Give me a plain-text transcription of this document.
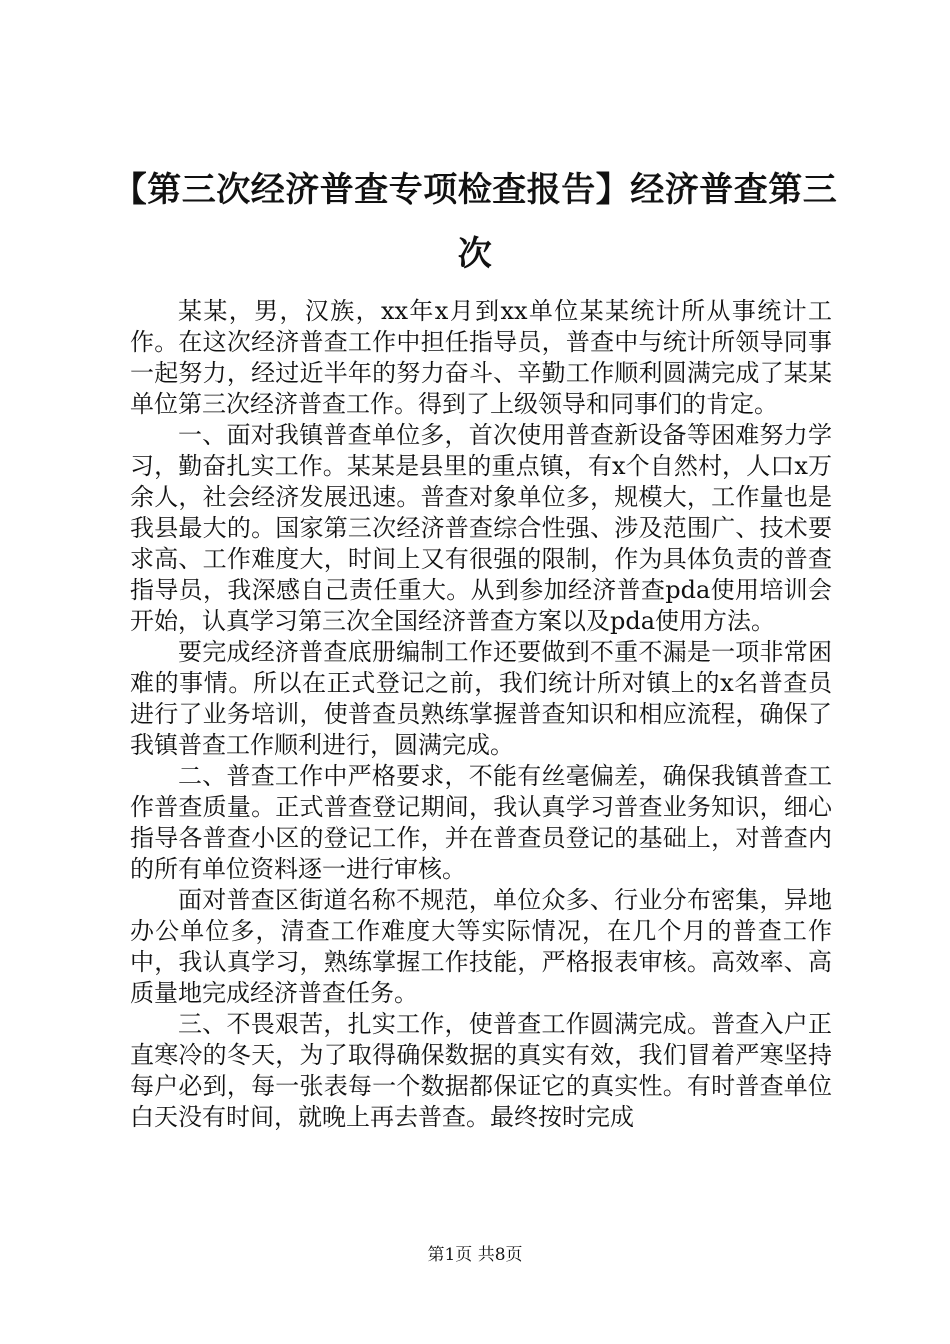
【第三次经济普查专项检查报告】经济普查第三次

某某，男，汉族，xx年x月到xx单位某某统计所从事统计工作。在这次经济普查工作中担任指导员，普查中与统计所领导同事一起努力，经过近半年的努力奋斗、辛勤工作顺利圆满完成了某某单位第三次经济普查工作。得到了上级领导和同事们的肯定。

一、面对我镇普查单位多，首次使用普查新设备等困难努力学习，勤奋扎实工作。某某是县里的重点镇，有x个自然村，人口x万余人，社会经济发展迅速。普查对象单位多，规模大，工作量也是我县最大的。国家第三次经济普查综合性强、涉及范围广、技术要求高、工作难度大，时间上又有很强的限制，作为具体负责的普查指导员，我深感自己责任重大。从到参加经济普查pda使用培训会开始，认真学习第三次全国经济普查方案以及pda使用方法。

要完成经济普查底册编制工作还要做到不重不漏是一项非常困难的事情。所以在正式登记之前，我们统计所对镇上的x名普查员进行了业务培训，使普查员熟练掌握普查知识和相应流程，确保了我镇普查工作顺利进行，圆满完成。

二、普查工作中严格要求，不能有丝毫偏差，确保我镇普查工作普查质量。正式普查登记期间，我认真学习普查业务知识，细心指导各普查小区的登记工作，并在普查员登记的基础上，对普查内的所有单位资料逐一进行审核。

面对普查区街道名称不规范，单位众多、行业分布密集，异地办公单位多，清查工作难度大等实际情况，在几个月的普查工作中，我认真学习，熟练掌握工作技能，严格报表审核。高效率、高质量地完成经济普查任务。

三、不畏艰苦，扎实工作，使普查工作圆满完成。普查入户正直寒冷的冬天，为了取得确保数据的真实有效，我们冒着严寒坚持每户必到，每一张表每一个数据都保证它的真实性。有时普查单位白天没有时间，就晚上再去普查。最终按时完成

第1页 共8页
